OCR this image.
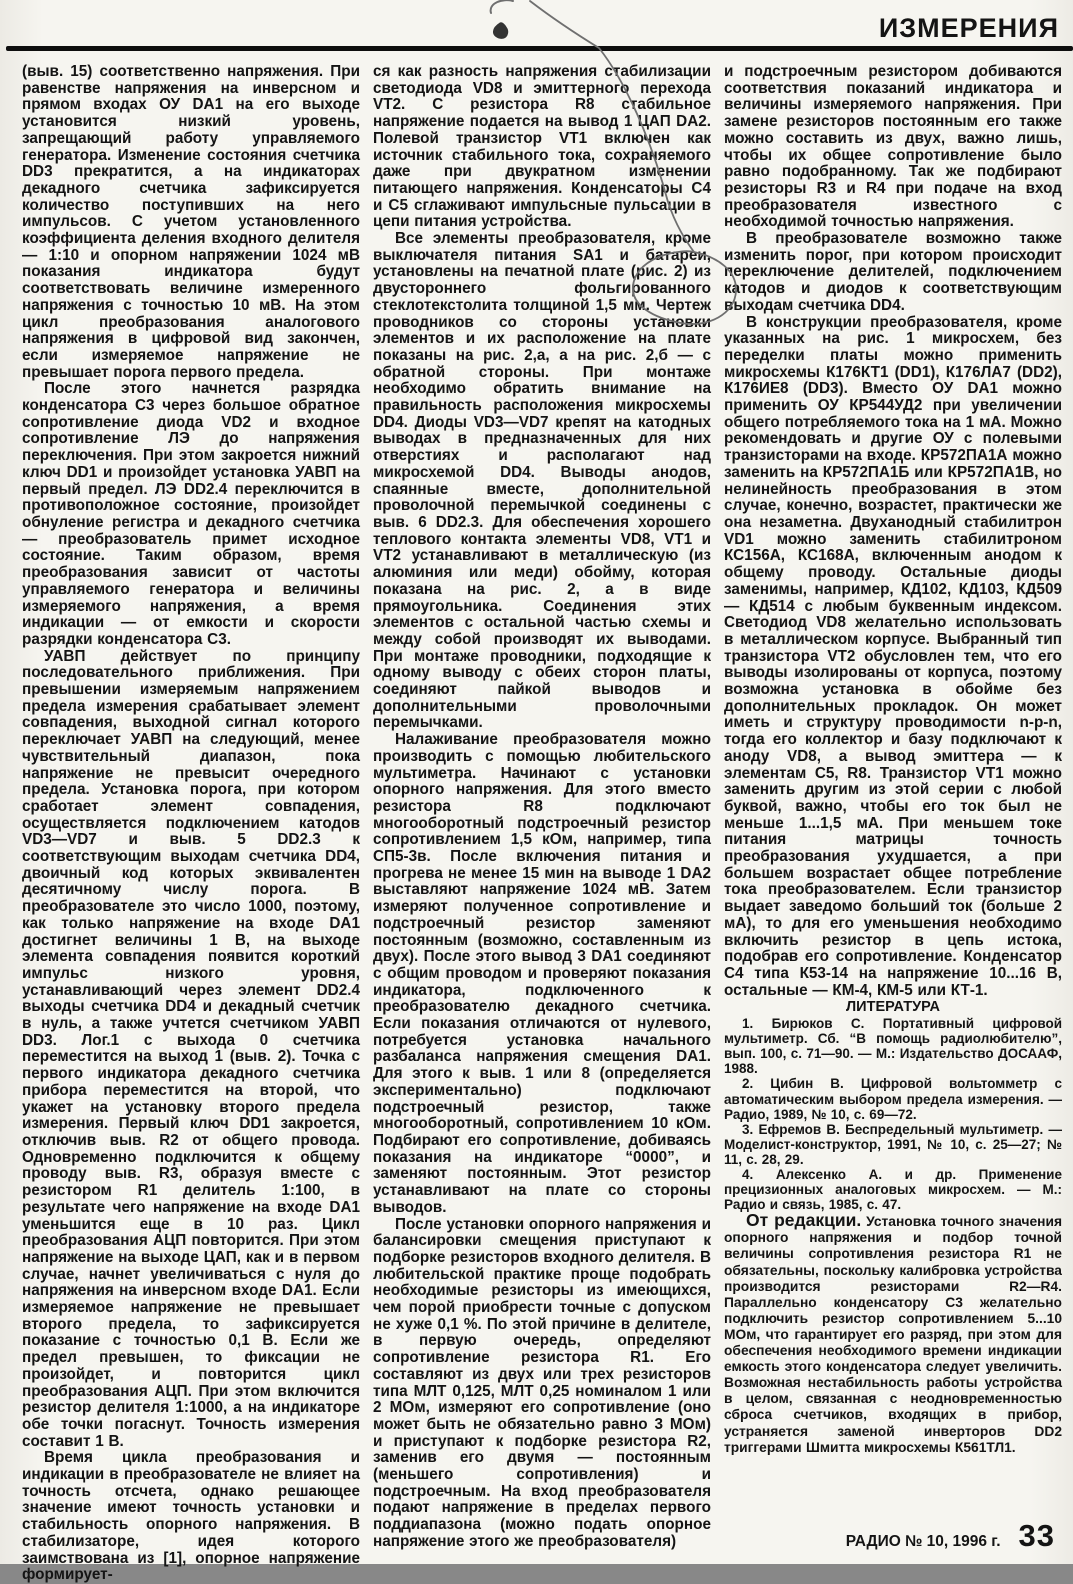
ИЗМЕРЕНИЯ

(выв. 15) соответственно напряжения. При равенстве напряжения на инверсном и прямом входах ОУ DA1 на его выходе установится низкий уровень, запрещающий работу управляемого генератора. Изменение состояния счетчика DD3 прекратится, а на индикаторах декадного счетчика зафиксируется количество поступивших на него импульсов. С учетом установленного коэффициента деления входного делителя — 1:10 и опорном напряжении 1024 мВ показания индикатора будут соответствовать величине измеренного напряжения с точностью 10 мВ. На этом цикл преобразования аналогового напряжения в цифровой вид закончен, если измеряемое напряжение не превышает порога первого предела.

После этого начнется разрядка конденсатора С3 через большое обратное сопротивление диода VD2 и входное сопротивление ЛЭ до напряжения переключения. При этом закроется нижний ключ DD1 и произойдет установка УАВП на первый предел. ЛЭ DD2.4 переключится в противоположное состояние, произойдет обнуление регистра и декадного счетчика — преобразователь примет исходное состояние. Таким образом, время преобразования зависит от частоты управляемого генератора и величины измеряемого напряжения, а время индикации — от емкости и скорости разрядки конденсатора С3.

УАВП действует по принципу последовательного приближения. При превышении измеряемым напряжением предела измерения срабатывает элемент совпадения, выходной сигнал которого переключает УАВП на следующий, менее чувствительный диапазон, пока напряжение не превысит очередного предела. Установка порога, при котором сработает элемент совпадения, осуществляется подключением катодов VD3—VD7 и выв. 5 DD2.3 к соответствующим выходам счетчика DD4, двоичный код которых эквивалентен десятичному числу порога. В преобразователе это число 1000, поэтому, как только напряжение на входе DA1 достигнет величины 1 В, на выходе элемента совпадения появится короткий импульс низкого уровня, устанавливающий через элемент DD2.4 выходы счетчика DD4 и декадный счетчик в нуль, а также учтется счетчиком УАВП DD3. Лог.1 с выхода 0 счетчика переместится на выход 1 (выв. 2). Точка с первого индикатора декадного счетчика прибора переместится на второй, что укажет на установку второго предела измерения. Первый ключ DD1 закроется, отключив выв. R2 от общего провода. Одновременно подключится к общему проводу выв. R3, образуя вместе с резистором R1 делитель 1:100, в результате чего напряжение на входе DA1 уменьшится еще в 10 раз. Цикл преобразования АЦП повторится. При этом напряжение на выходе ЦАП, как и в первом случае, начнет увеличиваться с нуля до напряжения на инверсном входе DA1. Если измеряемое напряжение не превышает второго предела, то зафиксируется показание с точностью 0,1 В. Если же предел превышен, то фиксации не произойдет, и повторится цикл преобразования АЦП. При этом включится резистор делителя 1:1000, а на индикаторе обе точки погаснут. Точность измерения составит 1 В.

Время цикла преобразования и индикации в преобразователе не влияет на точность отсчета, однако решающее значение имеют точность установки и стабильность опорного напряжения. В стабилизаторе, идея которого заимствована из [1], опорное напряжение формирует-

ся как разность напряжения стабилизации светодиода VD8 и эмиттерного перехода VT2. С резистора R8 стабильное напряжение подается на вывод 1 ЦАП DA2. Полевой транзистор VT1 включен как источник стабильного тока, сохраняемого даже при двукратном изменении питающего напряжения. Конденсаторы С4 и С5 сглаживают импульсные пульсации в цепи питания устройства.

Все элементы преобразователя, кроме выключателя питания SA1 и батареи, установлены на печатной плате (рис. 2) из двустороннего фольгированного стеклотекстолита толщиной 1,5 мм. Чертеж проводников со стороны установки элементов и их расположение на плате показаны на рис. 2,а, а на рис. 2,б — с обратной стороны. При монтаже необходимо обратить внимание на правильность расположения микросхемы DD4. Диоды VD3—VD7 крепят на катодных выводах в предназначенных для них отверстиях и располагают над микросхемой DD4. Выводы анодов, спаянные вместе, дополнительной проволочной перемычкой соединены с выв. 6 DD2.3. Для обеспечения хорошего теплового контакта элементы VD8, VT1 и VT2 устанавливают в металлическую (из алюминия или меди) обойму, которая показана на рис. 2, а в виде прямоугольника. Соединения этих элементов с остальной частью схемы и между собой производят их выводами. При монтаже проводники, подходящие к одному выводу с обеих сторон платы, соединяют пайкой выводов и дополнительными проволочными перемычками.

Налаживание преобразователя можно производить с помощью любительского мультиметра. Начинают с установки опорного напряжения. Для этого вместо резистора R8 подключают многооборотный подстроечный резистор сопротивлением 1,5 кОм, например, типа СП5-3в. После включения питания и прогрева не менее 15 мин на выводе 1 DA2 выставляют напряжение 1024 мВ. Затем измеряют полученное сопротивление и подстроечный резистор заменяют постоянным (возможно, составленным из двух). После этого вывод 3 DA1 соединяют с общим проводом и проверяют показания индикатора, подключенного к преобразователю декадного счетчика. Если показания отличаются от нулевого, потребуется установка начального разбаланса напряжения смещения DA1. Для этого к выв. 1 или 8 (определяется экспериментально) подключают подстроечный резистор, также многооборотный, сопротивлением 10 кОм. Подбирают его сопротивление, добиваясь показания на индикаторе “0000”, и заменяют постоянным. Этот резистор устанавливают на плате со стороны выводов.

После установки опорного напряжения и балансировки смещения приступают к подборке резисторов входного делителя. В любительской практике проще подобрать необходимые резисторы из имеющихся, чем порой приобрести точные с допуском не хуже 0,1 %. По этой причине в делителе, в первую очередь, определяют сопротивление резистора R1. Его составляют из двух или трех резисторов типа МЛТ 0,125, МЛТ 0,25 номиналом 1 или 2 МОм, измеряют его сопротивление (оно может быть не обязательно равно 3 МОм) и приступают к подборке резистора R2, заменив его двумя — постоянным (меньшего сопротивления) и подстроечным. На вход преобразователя подают напряжение в пределах первого поддиапазона (можно подать опорное напряжение этого же преобразователя)

и подстроечным резистором добиваются соответствия показаний индикатора и величины измеряемого напряжения. При замене резисторов постоянным его также можно составить из двух, важно лишь, чтобы их общее сопротивление было равно подобранному. Так же подбирают резисторы R3 и R4 при подаче на вход преобразователя известного с необходимой точностью напряжения.

В преобразователе возможно также изменить порог, при котором происходит переключение делителей, подключением катодов и диодов к соответствующим выходам счетчика DD4.

В конструкции преобразователя, кроме указанных на рис. 1 микросхем, без переделки платы можно применить микросхемы К176КТ1 (DD1), К176ЛА7 (DD2), К176ИЕ8 (DD3). Вместо ОУ DA1 можно применить ОУ КР544УД2 при увеличении общего потребляемого тока на 1 мА. Можно рекомендовать и другие ОУ с полевыми транзисторами на входе. КР572ПА1А можно заменить на КР572ПА1Б или КР572ПА1В, но нелинейность преобразования в этом случае, конечно, возрастет, практически же она незаметна. Двуханодный стабилитрон VD1 можно заменить стабилитроном КС156А, КС168А, включенным анодом к общему проводу. Остальные диоды заменимы, например, КД102, КД103, КД509 — КД514 с любым буквенным индексом. Светодиод VD8 желательно использовать в металлическом корпусе. Выбранный тип транзистора VT2 обусловлен тем, что его выводы изолированы от корпуса, поэтому возможна установка в обойме без дополнительных прокладок. Он может иметь и структуру проводимости n-p-n, тогда его коллектор и базу подключают к аноду VD8, а вывод эмиттера — к элементам С5, R8. Транзистор VT1 можно заменить другим из этой серии с любой буквой, важно, чтобы его ток был не меньше 1...1,5 мА. При меньшем токе питания матрицы точность преобразования ухудшается, а при большем возрастает общее потребление тока преобразователем. Если транзистор выдает заведомо больший ток (больше 2 мА), то для его уменьшения необходимо включить резистор в цепь истока, подобрав его сопротивление. Конденсатор С4 типа К53-14 на напряжение 10...16 В, остальные — КМ-4, КМ-5 или КТ-1.

ЛИТЕРАТУРА

1. Бирюков С. Портативный цифровой мультиметр. Сб. “В помощь радиолюбителю”, вып. 100, с. 71—90. — М.: Издательство ДОСААФ, 1988.

2. Цибин В. Цифровой вольтомметр с автоматическим выбором предела измерения. — Радио, 1989, № 10, с. 69—72.

3. Ефремов В. Беспредельный мультиметр. — Моделист-конструктор, 1991, № 10, с. 25—27; № 11, с. 28, 29.

4. Алексенко А. и др. Применение прецизионных аналоговых микросхем. — М.: Радио и связь, 1985, с. 47.

От редакции. Установка точного значения опорного напряжения и подбор точной величины сопротивления резистора R1 не обязательны, поскольку калибровка устройства производится резисторами R2—R4. Параллельно конденсатору С3 желательно подключить резистор сопротивлением 5...10 МОм, что гарантирует его разряд, при этом для обеспечения необходимого времени индикации емкость этого конденсатора следует увеличить. Возможная нестабильность работы устройства в целом, связанная с неодновременностью сброса счетчиков, входящих в прибор, устраняется заменой инверторов DD2 триггерами Шмитта микросхемы К561ТЛ1.

РАДИО № 10, 1996 г. 33
